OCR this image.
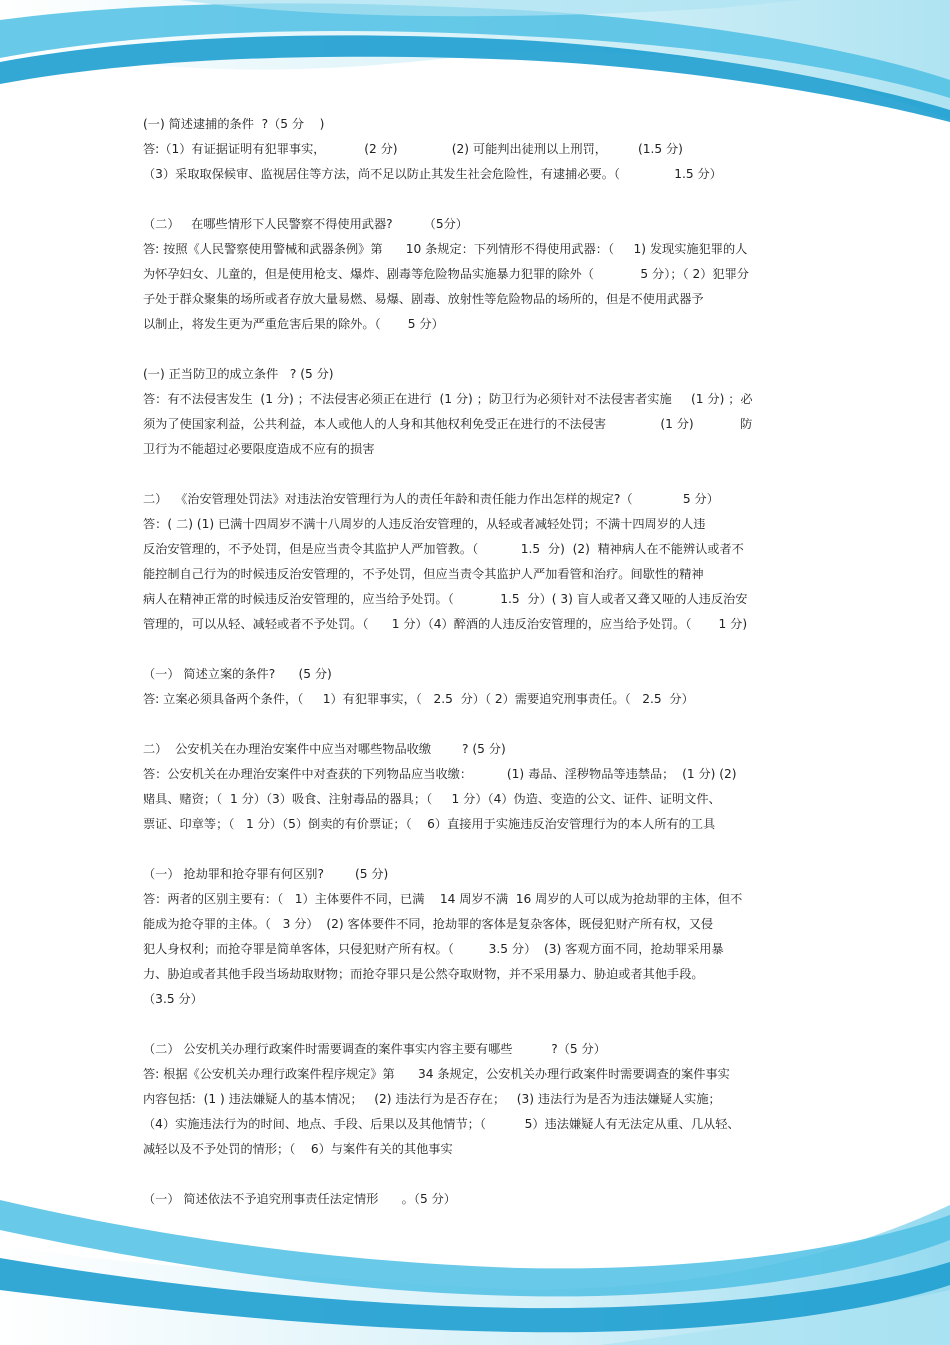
(一) 简述逮捕的条件  ?（5 分    )

答:（1）有证据证明有犯罪事实，          (2 分)              (2) 可能判出徒刑以上刑罚，        (1.5 分)

（3）采取取保候审、监视居住等方法，尚不足以防止其发生社会危险性，有逮捕必要。（              1.5 分）

（二）   在哪些情形下人民警察不得使用武器?        （5分）

答: 按照《人民警察使用警械和武器条例》第      10 条规定：下列情形不得使用武器：（     1) 发现实施犯罪的人

为怀孕妇女、儿童的，但是使用枪支、爆炸、剧毒等危险物品实施暴力犯罪的除外（            5 分）；（ 2）犯罪分

子处于群众聚集的场所或者存放大量易燃、易爆、剧毒、放射性等危险物品的场所的，但是不使用武器予

以制止，将发生更为严重危害后果的除外。（       5 分）

(一) 正当防卫的成立条件   ? (5 分)

答：有不法侵害发生  (1 分) ；不法侵害必须正在进行  (1 分) ；防卫行为必须针对不法侵害者实施     (1 分) ；必

须为了使国家利益，公共利益，本人或他人的人身和其他权利免受正在进行的不法侵害              (1 分)            防

卫行为不能超过必要限度造成不应有的损害

二）  《治安管理处罚法》对违法治安管理行为人的责任年龄和责任能力作出怎样的规定?（             5 分）

答：( 二) (1) 已满十四周岁不满十八周岁的人违反治安管理的，从轻或者减轻处罚；不满十四周岁的人违

反治安管理的，不予处罚，但是应当责令其监护人严加管教。（           1.5  分)  (2)  精神病人在不能辨认或者不

能控制自己行为的时候违反治安管理的，不予处罚，但应当责令其监护人严加看管和治疗。间歇性的精神

病人在精神正常的时候违反治安管理的，应当给予处罚。（            1.5  分）( 3) 盲人或者又聋又哑的人违反治安

管理的，可以从轻、减轻或者不予处罚。（      1 分）（4）醉酒的人违反治安管理的，应当给予处罚。（       1 分)

（一） 简述立案的条件?      (5 分)

答: 立案必须具备两个条件，（     1）有犯罪事实，（   2.5  分）（ 2）需要追究刑事责任。（   2.5  分）

二）  公安机关在办理治安案件中应当对哪些物品收缴        ? (5 分)

答：公安机关在办理治安案件中对查获的下列物品应当收缴：         (1) 毒品、淫秽物品等违禁品；  (1 分) (2)

赌具、赌资；（  1 分）（3）吸食、注射毒品的器具；（     1 分）（4）伪造、变造的公文、证件、证明文件、

票证、印章等；（   1 分）（5）倒卖的有价票证；（    6）直接用于实施违反治安管理行为的本人所有的工具

（一） 抢劫罪和抢夺罪有何区别?        (5 分)

答：两者的区别主要有：（   1）主体要件不同，已满    14 周岁不满  16 周岁的人可以成为抢劫罪的主体，但不

能成为抢夺罪的主体。（   3 分）  (2) 客体要件不同，抢劫罪的客体是复杂客体，既侵犯财产所有权，又侵

犯人身权利；而抢夺罪是简单客体，只侵犯财产所有权。（         3.5 分）  (3) 客观方面不同，抢劫罪采用暴

力、胁迫或者其他手段当场劫取财物；而抢夺罪只是公然夺取财物，并不采用暴力、胁迫或者其他手段。

（3.5 分）

（二） 公安机关办理行政案件时需要调查的案件事实内容主要有哪些          ?（5 分）

答: 根据《公安机关办理行政案件程序规定》第      34 条规定，公安机关办理行政案件时需要调查的案件事实

内容包括:  (1 ) 违法嫌疑人的基本情况；   (2) 违法行为是否存在；   (3) 违法行为是否为违法嫌疑人实施；

（4）实施违法行为的时间、地点、手段、后果以及其他情节；（          5）违法嫌疑人有无法定从重、几从轻、

减轻以及不予处罚的情形；（    6）与案件有关的其他事实

（一） 简述依法不予追究刑事责任法定情形      。（5 分）
